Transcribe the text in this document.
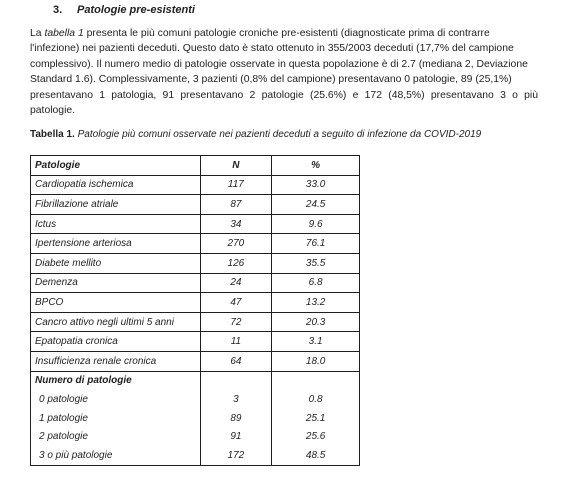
3. Patologie pre-esistenti

La tabella 1 presenta le più comuni patologie croniche pre-esistenti (diagnosticate prima di contrarre

l'infezione) nei pazienti deceduti. Questo dato è stato ottenuto in 355/2003 deceduti (17,7% del campione

complessivo). Il numero medio di patologie osservate in questa popolazione è di 2.7 (mediana 2, Deviazione

Standard 1.6). Complessivamente, 3 pazienti (0,8% del campione) presentavano 0 patologie, 89 (25,1%)

presentavano 1 patologia, 91 presentavano 2 patologie (25.6%) e 172 (48,5%) presentavano 3 o più patologie.

Tabella 1. Patologie più comuni osservate nei pazienti deceduti a seguito di infezione da COVID-2019
Patologie	N	%
Cardiopatia ischemica	117	33.0
Fibrillazione atriale	87	24.5
Ictus	34	9.6
Ipertensione arteriosa	270	76.1
Diabete mellito	126	35.5
Demenza	24	6.8
BPCO	47	13.2
Cancro attivo negli ultimi 5 anni	72	20.3
Epatopatia cronica	11	3.1
Insufficienza renale cronica	64	18.0
Numero di patologie		
0 patologie	3	0.8
1 patologie	89	25.1
2 patologie	91	25.6
3 o più patologie	172	48.5
